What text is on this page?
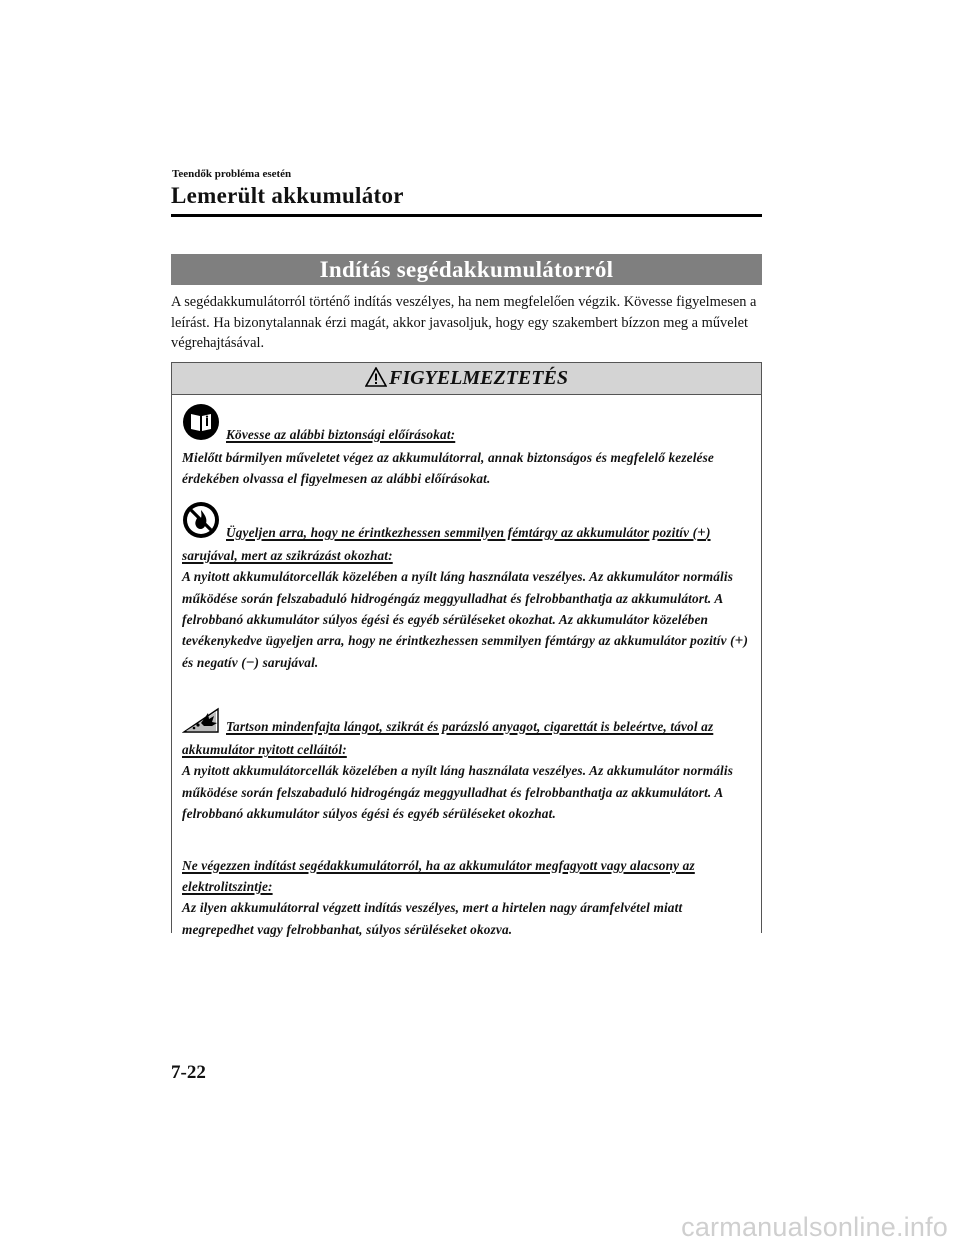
Teendők probléma esetén
Lemerült akkumulátor
Indítás segédakkumulátorról
A segédakkumulátorról történő indítás veszélyes, ha nem megfelelően végzik. Kövesse figyelmesen a leírást. Ha bizonytalannak érzi magát, akkor javasoljuk, hogy egy szakembert bízzon meg a művelet végrehajtásával.
FIGYELMEZTETÉS

Kövesse az alábbi biztonsági előírásokat:

Mielőtt bármilyen műveletet végez az akkumulátorral, annak biztonságos és megfelelő kezelése érdekében olvassa el figyelmesen az alábbi előírásokat.

Ügyeljen arra, hogy ne érintkezhessen semmilyen fémtárgy az akkumulátor pozitív (+) sarujával, mert az szikrázást okozhat:

A nyitott akkumulátorcellák közelében a nyílt láng használata veszélyes. Az akkumulátor normális működése során felszabaduló hidrogéngáz meggyulladhat és felrobbanthatja az akkumulátort. A felrobbanó akkumulátor súlyos égési és egyéb sérüléseket okozhat. Az akkumulátor közelében tevékenykedve ügyeljen arra, hogy ne érintkezhessen semmilyen fémtárgy az akkumulátor pozitív (+) és negatív (−) sarujával.

Tartson mindenfajta lángot, szikrát és parázsló anyagot, cigarettát is beleértve, távol az akkumulátor nyitott celláitól:

A nyitott akkumulátorcellák közelében a nyílt láng használata veszélyes. Az akkumulátor normális működése során felszabaduló hidrogéngáz meggyulladhat és felrobbanthatja az akkumulátort. A felrobbanó akkumulátor súlyos égési és egyéb sérüléseket okozhat.

Ne végezzen indítást segédakkumulátorról, ha az akkumulátor megfagyott vagy alacsony az elektrolitszintje:

Az ilyen akkumulátorral végzett indítás veszélyes, mert a hirtelen nagy áramfelvétel miatt megrepedhet vagy felrobbanhat, súlyos sérüléseket okozva.

7-22
carmanualsonline.info
